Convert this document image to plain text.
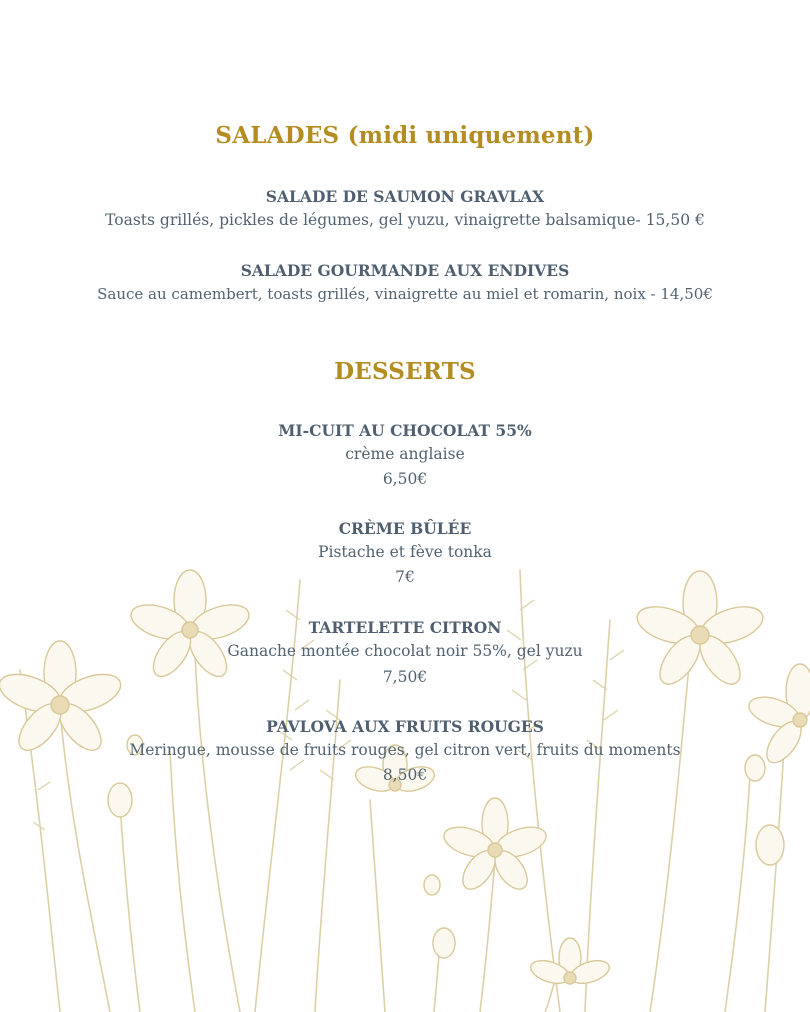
SALADES (midi uniquement)
SALADE DE SAUMON GRAVLAX
Toasts grillés, pickles de légumes, gel yuzu, vinaigrette balsamique- 15,50 €
SALADE GOURMANDE AUX ENDIVES
Sauce au camembert, toasts grillés, vinaigrette au miel et romarin, noix - 14,50€
DESSERTS
MI-CUIT AU CHOCOLAT 55%
crème anglaise
6,50€
CRÈME BÛLÉE
Pistache et fève tonka
7€
TARTELETTE CITRON
Ganache montée chocolat noir 55%, gel yuzu
7,50€
PAVLOVA AUX FRUITS ROUGES
Meringue, mousse de fruits rouges, gel citron vert, fruits du moments
8,50€
